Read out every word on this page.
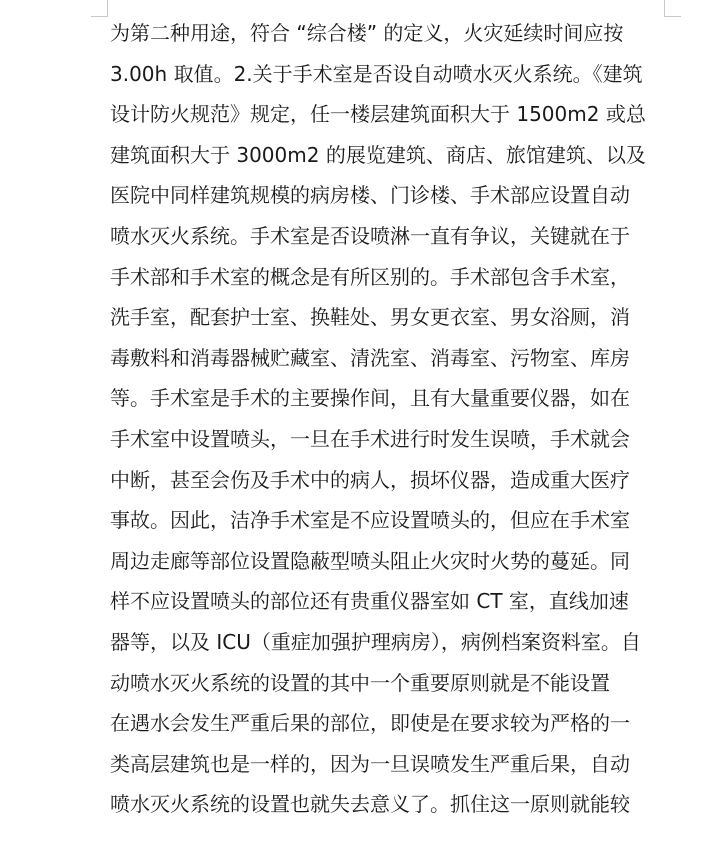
为第二种用途，符合 “综合楼” 的定义，火灾延续时间应按
3.00h 取值。2.关于手术室是否设自动喷水灭火系统。《建筑
设计防火规范》规定，任一楼层建筑面积大于 1500m2 或总
建筑面积大于 3000m2 的展览建筑、商店、旅馆建筑、以及
医院中同样建筑规模的病房楼、门诊楼、手术部应设置自动
喷水灭火系统。手术室是否设喷淋一直有争议，关键就在于
手术部和手术室的概念是有所区别的。手术部包含手术室，
洗手室，配套护士室、换鞋处、男女更衣室、男女浴厕，消
毒敷料和消毒器械贮藏室、清洗室、消毒室、污物室、库房
等。手术室是手术的主要操作间，且有大量重要仪器，如在
手术室中设置喷头，一旦在手术进行时发生误喷，手术就会
中断，甚至会伤及手术中的病人，损坏仪器，造成重大医疗
事故。因此，洁净手术室是不应设置喷头的，但应在手术室
周边走廊等部位设置隐蔽型喷头阻止火灾时火势的蔓延。同
样不应设置喷头的部位还有贵重仪器室如 CT 室，直线加速
器等，以及 ICU（重症加强护理病房），病例档案资料室。自
动喷水灭火系统的设置的其中一个重要原则就是不能设置
在遇水会发生严重后果的部位，即使是在要求较为严格的一
类高层建筑也是一样的，因为一旦误喷发生严重后果，自动
喷水灭火系统的设置也就失去意义了。抓住这一原则就能较
